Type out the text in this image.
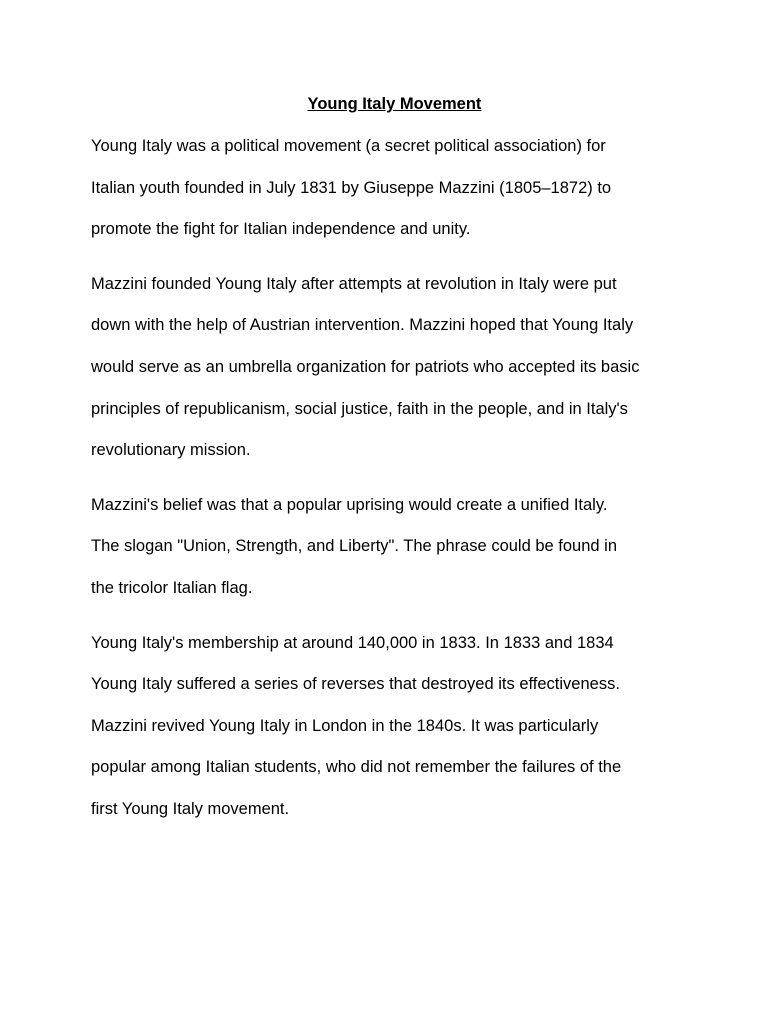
Young Italy Movement

Young Italy was a political movement (a secret political association) for
Italian youth founded in July 1831 by Giuseppe Mazzini (1805–1872) to
promote the fight for Italian independence and unity.

Mazzini founded Young Italy after attempts at revolution in Italy were put
down with the help of Austrian intervention. Mazzini hoped that Young Italy
would serve as an umbrella organization for patriots who accepted its basic
principles of republicanism, social justice, faith in the people, and in Italy's
revolutionary mission.

Mazzini's belief was that a popular uprising would create a unified Italy.
The slogan "Union, Strength, and Liberty". The phrase could be found in
the tricolor Italian flag.

Young Italy's membership at around 140,000 in 1833. In 1833 and 1834
Young Italy suffered a series of reverses that destroyed its effectiveness.
Mazzini revived Young Italy in London in the 1840s. It was particularly
popular among Italian students, who did not remember the failures of the
first Young Italy movement.
